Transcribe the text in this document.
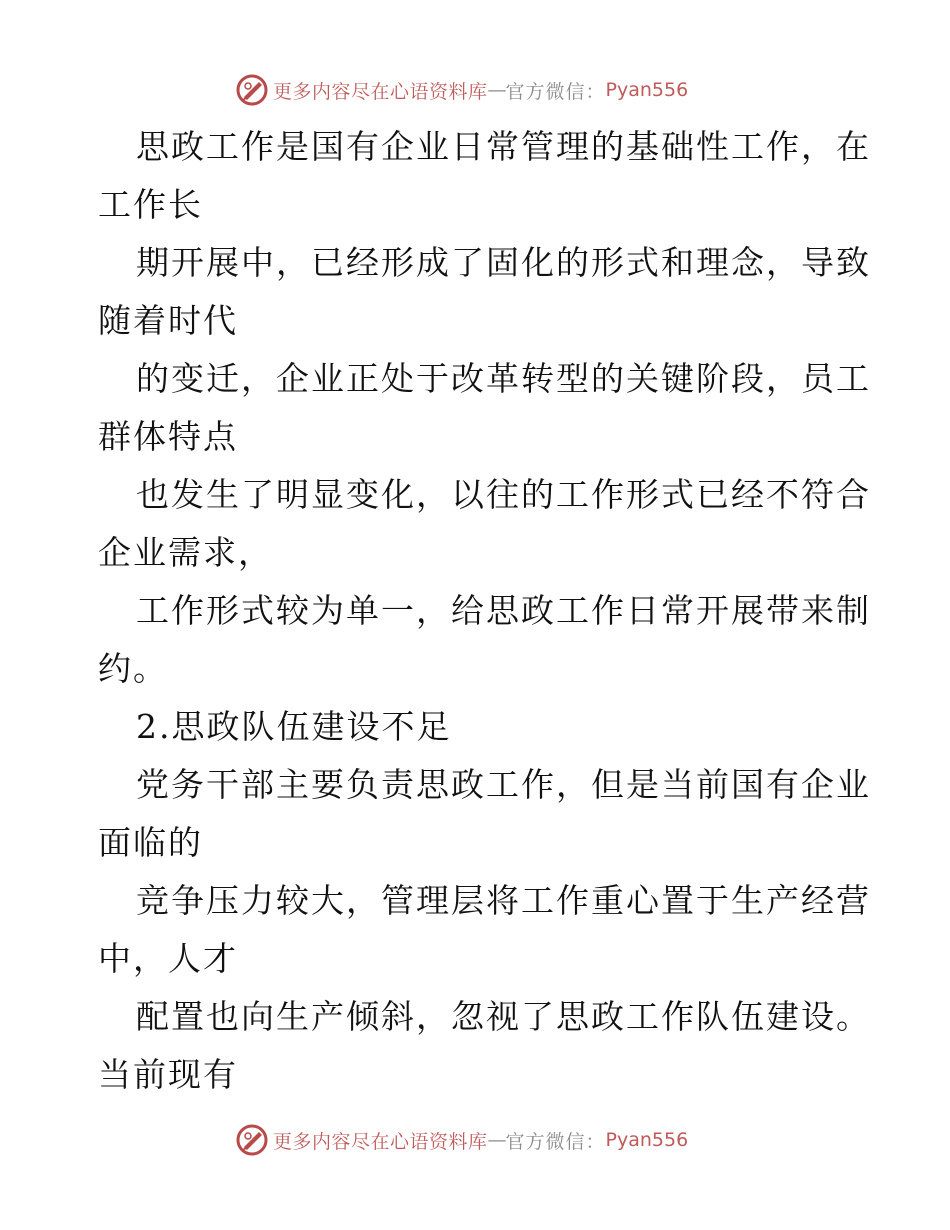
更多内容尽在心语资料库 — 官方微信： Pyan556
思政工作是国有企业日常管理的基础性工作，在
工作长
期开展中，已经形成了固化的形式和理念，导致
随着时代
的变迁，企业正处于改革转型的关键阶段，员工
群体特点
也发生了明显变化，以往的工作形式已经不符合
企业需求，
工作形式较为单一，给思政工作日常开展带来制
约。
2.思政队伍建设不足
党务干部主要负责思政工作，但是当前国有企业
面临的
竞争压力较大，管理层将工作重心置于生产经营
中，人才
配置也向生产倾斜，忽视了思政工作队伍建设。
当前现有
更多内容尽在心语资料库 — 官方微信： Pyan556
